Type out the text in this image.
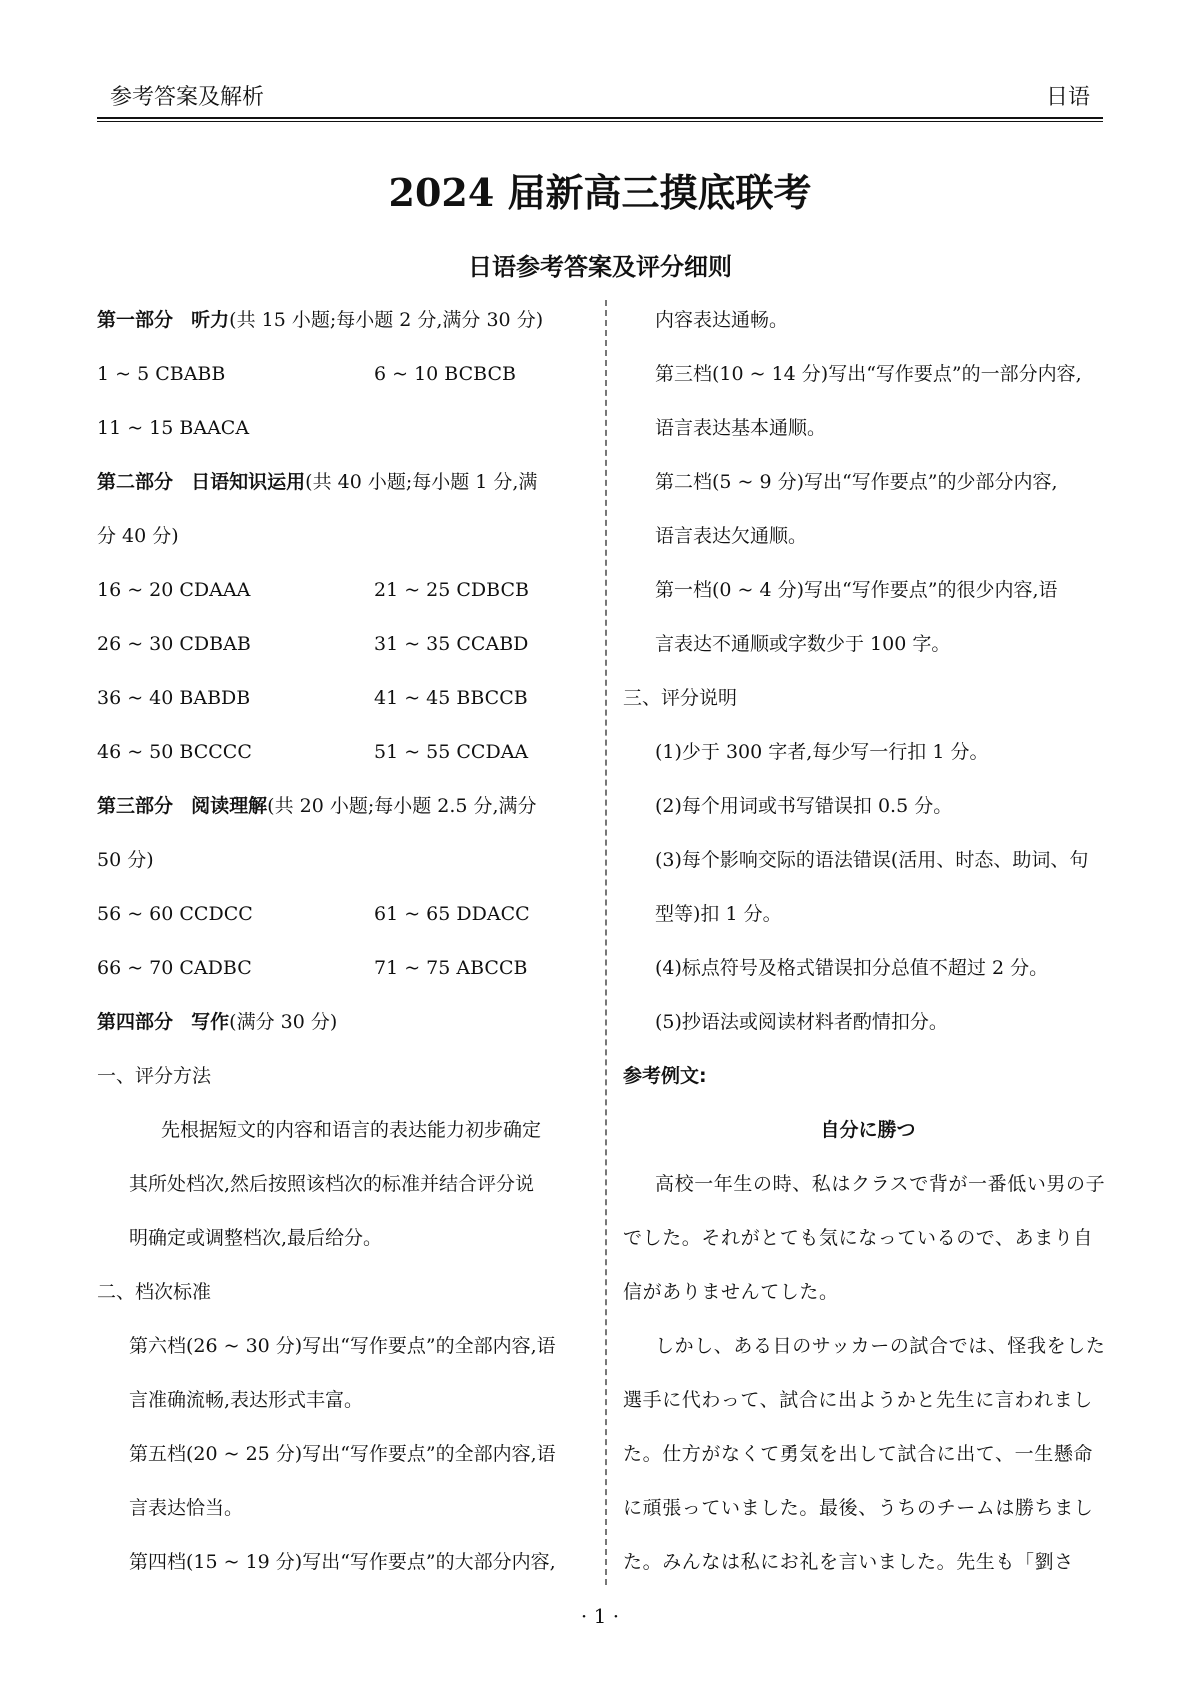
参考答案及解析	日语
2024 届新高三摸底联考
日语参考答案及评分细则
第一部分 听力(共 15 小题;每小题 2 分,满分 30 分)
1 ~ 5 CBABB	6 ~ 10 BCBCB
11 ~ 15 BAACA
第二部分 日语知识运用(共 40 小题;每小题 1 分,满
分 40 分)
16 ~ 20 CDAAA	21 ~ 25 CDBCB
26 ~ 30 CDBAB	31 ~ 35 CCABD
36 ~ 40 BABDB	41 ~ 45 BBCCB
46 ~ 50 BCCCC	51 ~ 55 CCDAA
第三部分 阅读理解(共 20 小题;每小题 2.5 分,满分
50 分)
56 ~ 60 CCDCC	61 ~ 65 DDACC
66 ~ 70 CADBC	71 ~ 75 ABCCB
第四部分 写作(满分 30 分)
一、评分方法
先根据短文的内容和语言的表达能力初步确定
其所处档次,然后按照该档次的标准并结合评分说
明确定或调整档次,最后给分。
二、档次标准
第六档(26 ~ 30 分)写出“写作要点”的全部内容,语
言准确流畅,表达形式丰富。
第五档(20 ~ 25 分)写出“写作要点”的全部内容,语
言表达恰当。
第四档(15 ~ 19 分)写出“写作要点”的大部分内容,
内容表达通畅。
第三档(10 ~ 14 分)写出“写作要点”的一部分内容,
语言表达基本通顺。
第二档(5 ~ 9 分)写出“写作要点”的少部分内容,
语言表达欠通顺。
第一档(0 ~ 4 分)写出“写作要点”的很少内容,语
言表达不通顺或字数少于 100 字。
三、评分说明
(1)少于 300 字者,每少写一行扣 1 分。
(2)每个用词或书写错误扣 0.5 分。
(3)每个影响交际的语法错误(活用、时态、助词、句
型等)扣 1 分。
(4)标点符号及格式错误扣分总值不超过 2 分。
(5)抄语法或阅读材料者酌情扣分。
参考例文:
自分に勝つ
高校一年生の時、私はクラスで背が一番低い男の子
でした。それがとても気になっているので、あまり自
信がありませんてした。
しかし、ある日のサッカーの試合では、怪我をした
選手に代わって、試合に出ようかと先生に言われまし
た。仕方がなくて勇気を出して試合に出て、一生懸命
に頑張っていました。最後、うちのチームは勝ちまし
た。みんなは私にお礼を言いました。先生も「劉さ
· 1 ·
